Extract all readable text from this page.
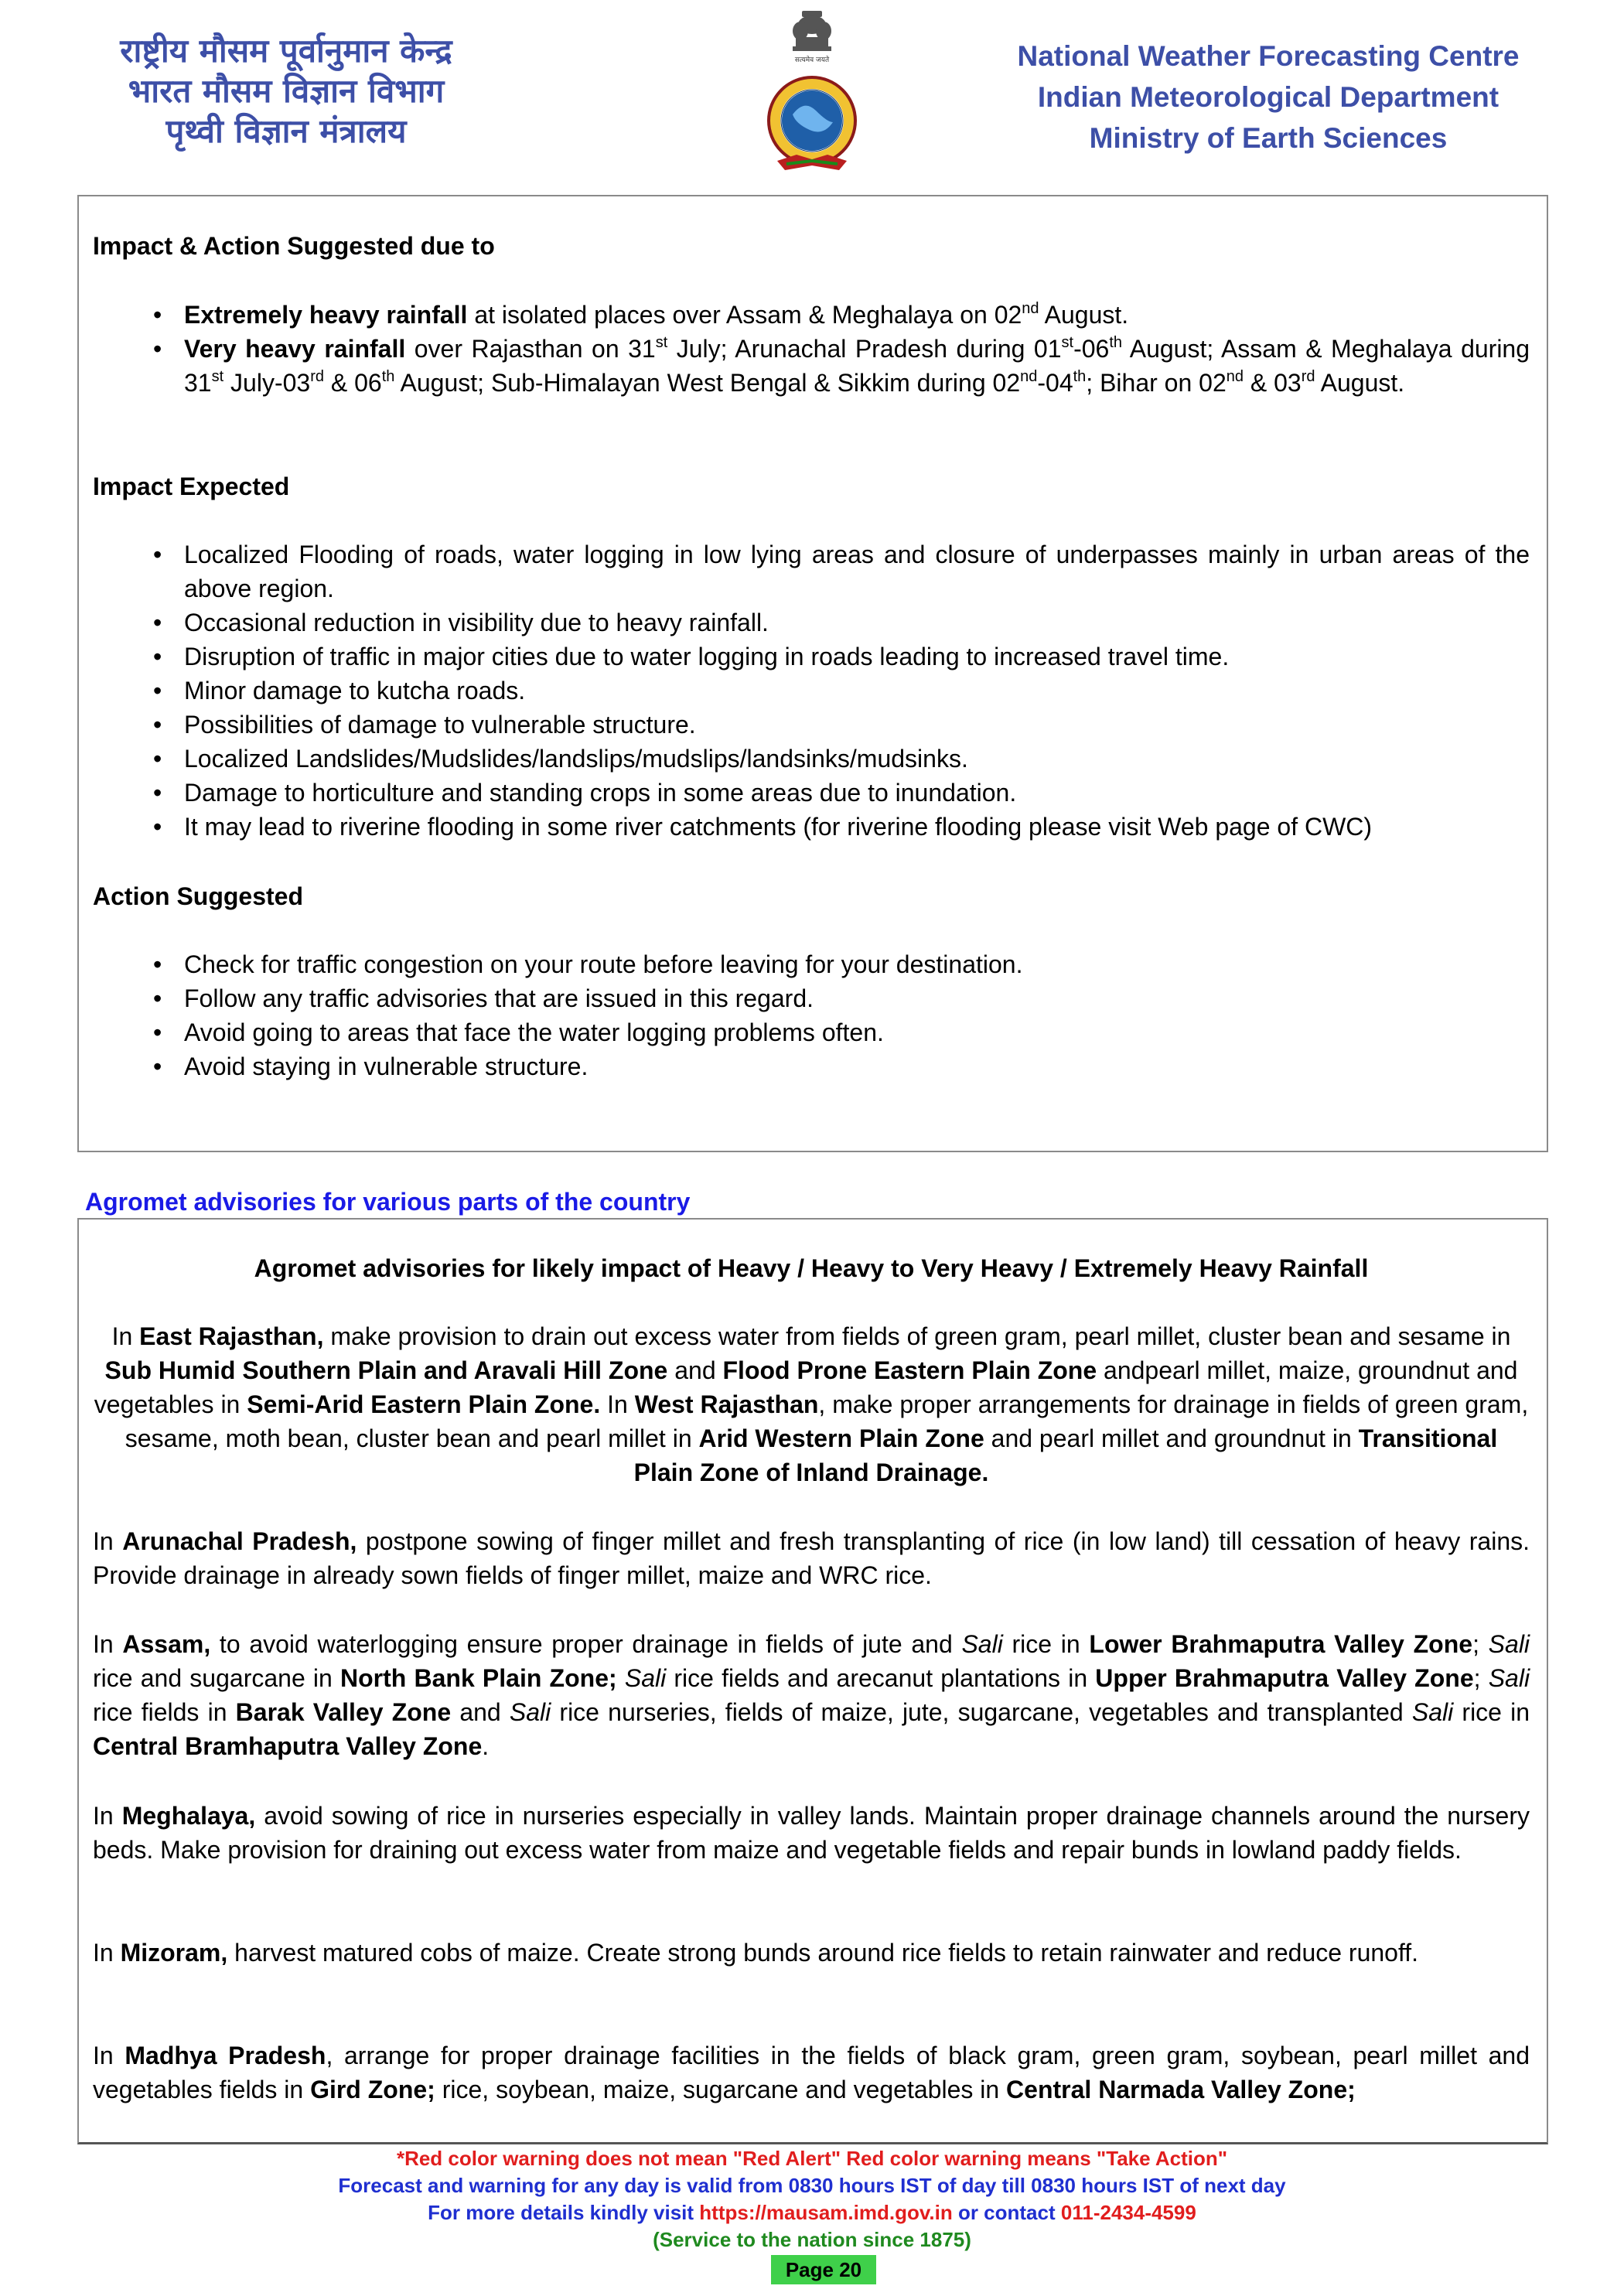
राष्ट्रीय मौसम पूर्वानुमान केन्द्र
भारत मौसम विज्ञान विभाग
पृथ्वी विज्ञान मंत्रालय
सत्यमेव जयते	National Weather Forecasting Centre
Indian Meteorological Department
Ministry of Earth Sciences
Impact & Action Suggested due to
• Extremely heavy rainfall at isolated places over Assam & Meghalaya on 02nd August.
• Very heavy rainfall over Rajasthan on 31st July; Arunachal Pradesh during 01st-06th August; Assam & Meghalaya during 31st July-03rd & 06th August; Sub-Himalayan West Bengal & Sikkim during 02nd-04th; Bihar on 02nd & 03rd August.
Impact Expected
• Localized Flooding of roads, water logging in low lying areas and closure of underpasses mainly in urban areas of the above region.
• Occasional reduction in visibility due to heavy rainfall.
• Disruption of traffic in major cities due to water logging in roads leading to increased travel time.
• Minor damage to kutcha roads.
• Possibilities of damage to vulnerable structure.
• Localized Landslides/Mudslides/landslips/mudslips/landsinks/mudsinks.
• Damage to horticulture and standing crops in some areas due to inundation.
• It may lead to riverine flooding in some river catchments (for riverine flooding please visit Web page of CWC)
Action Suggested
• Check for traffic congestion on your route before leaving for your destination.
• Follow any traffic advisories that are issued in this regard.
• Avoid going to areas that face the water logging problems often.
• Avoid staying in vulnerable structure.
Agromet advisories for various parts of the country
Agromet advisories for likely impact of Heavy / Heavy to Very Heavy / Extremely Heavy Rainfall
In East Rajasthan, make provision to drain out excess water from fields of green gram, pearl millet, cluster bean and sesame in Sub Humid Southern Plain and Aravali Hill Zone and Flood Prone Eastern Plain Zone andpearl millet, maize, groundnut and vegetables in Semi-Arid Eastern Plain Zone. In West Rajasthan, make proper arrangements for drainage in fields of green gram, sesame, moth bean, cluster bean and pearl millet in Arid Western Plain Zone and pearl millet and groundnut in Transitional Plain Zone of Inland Drainage.
In Arunachal Pradesh, postpone sowing of finger millet and fresh transplanting of rice (in low land) till cessation of heavy rains. Provide drainage in already sown fields of finger millet, maize and WRC rice.
In Assam, to avoid waterlogging ensure proper drainage in fields of jute and Sali rice in Lower Brahmaputra Valley Zone; Sali rice and sugarcane in North Bank Plain Zone; Sali rice fields and arecanut plantations in Upper Brahmaputra Valley Zone; Sali rice fields in Barak Valley Zone and Sali rice nurseries, fields of maize, jute, sugarcane, vegetables and transplanted Sali rice in Central Bramhaputra Valley Zone.
In Meghalaya, avoid sowing of rice in nurseries especially in valley lands. Maintain proper drainage channels around the nursery beds. Make provision for draining out excess water from maize and vegetable fields and repair bunds in lowland paddy fields.
In Mizoram, harvest matured cobs of maize. Create strong bunds around rice fields to retain rainwater and reduce runoff.
In Madhya Pradesh, arrange for proper drainage facilities in the fields of black gram, green gram, soybean, pearl millet and vegetables fields in Gird Zone; rice, soybean, maize, sugarcane and vegetables in Central Narmada Valley Zone;
*Red color warning does not mean "Red Alert" Red color warning means "Take Action"
Forecast and warning for any day is valid from 0830 hours IST of day till 0830 hours IST of next day
For more details kindly visit https://mausam.imd.gov.in or contact 011-2434-4599
(Service to the nation since 1875)
Page 20
